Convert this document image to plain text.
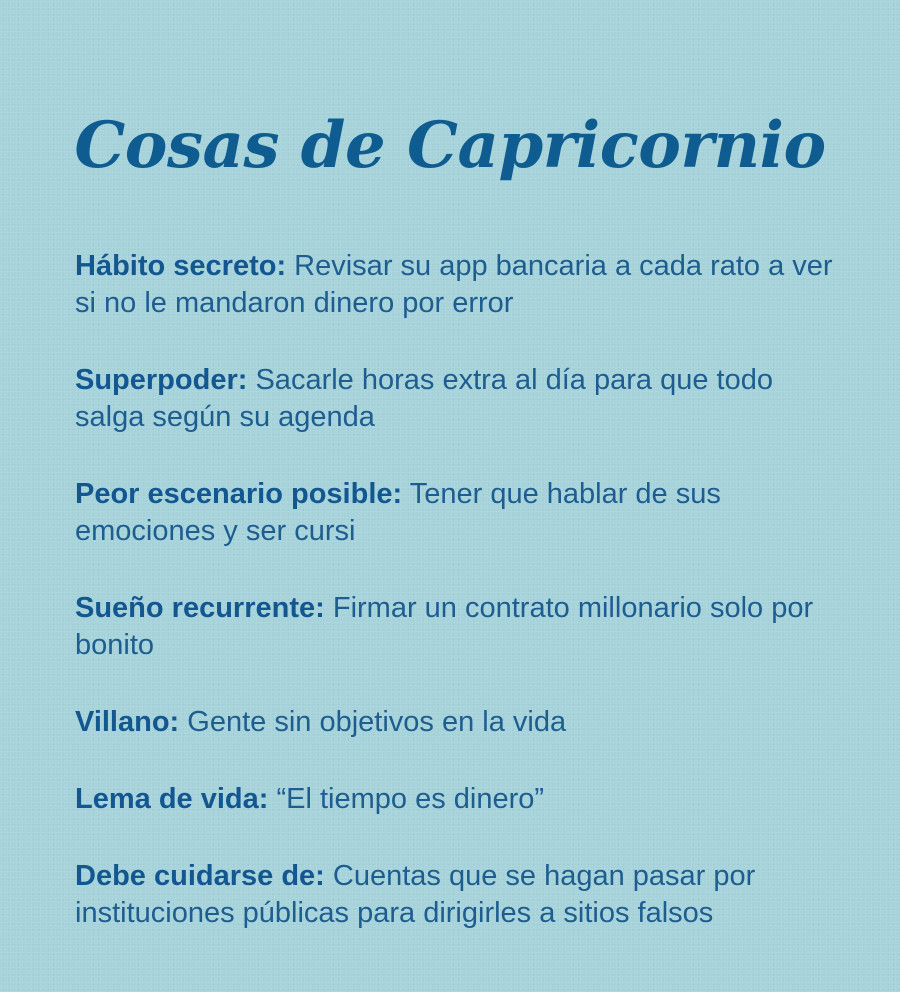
Cosas de Capricornio
Hábito secreto: Revisar su app bancaria a cada rato a ver si no le mandaron dinero por error
Superpoder: Sacarle horas extra al día para que todo salga según su agenda
Peor escenario posible: Tener que hablar de sus emociones y ser cursi
Sueño recurrente: Firmar un contrato millonario solo por bonito
Villano: Gente sin objetivos en la vida
Lema de vida: “El tiempo es dinero”
Debe cuidarse de: Cuentas que se hagan pasar por instituciones públicas para dirigirles a sitios falsos
